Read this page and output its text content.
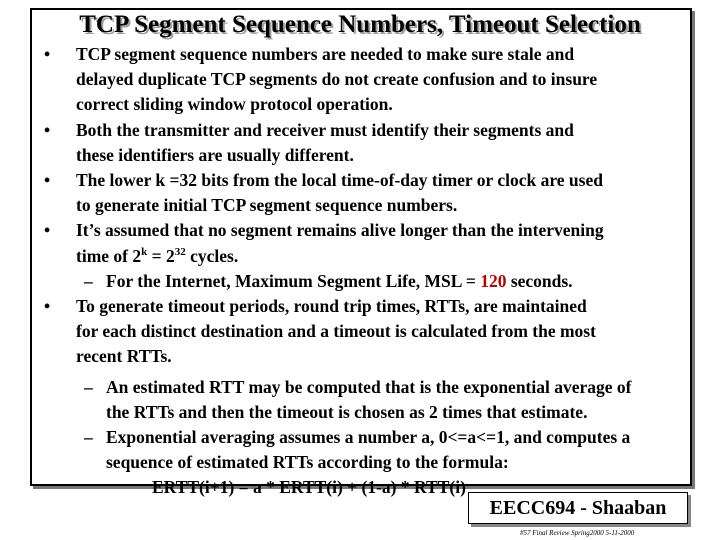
TCP Segment Sequence Numbers, Timeout Selection
• TCP segment sequence numbers are needed to make sure stale and
delayed duplicate TCP segments do not create confusion and to insure
correct sliding window protocol operation.
• Both the transmitter and receiver must identify their segments and
these identifiers are usually different.
• The lower k =32 bits from the local time-of-day timer or clock are used
to generate initial TCP segment sequence numbers.
• It’s assumed that no segment remains alive longer than the intervening
time of $2^k = 2^{32}$ cycles.
– For the Internet, Maximum Segment Life, MSL = 120 seconds.
• To generate timeout periods, round trip times, RTTs, are maintained
for each distinct destination and a timeout is calculated from the most
recent RTTs.
– An estimated RTT may be computed that is the exponential average of
the RTTs and then the timeout is chosen as 2 times that estimate.
– Exponential averaging assumes a number a, 0<=a<=1, and computes a
sequence of estimated RTTs according to the formula:
ERTT(i+1) = a * ERTT(i) + (1-a) * RTT(i)
EECC694 - Shaaban
#57 Final Review Spring2000 5-11-2000
